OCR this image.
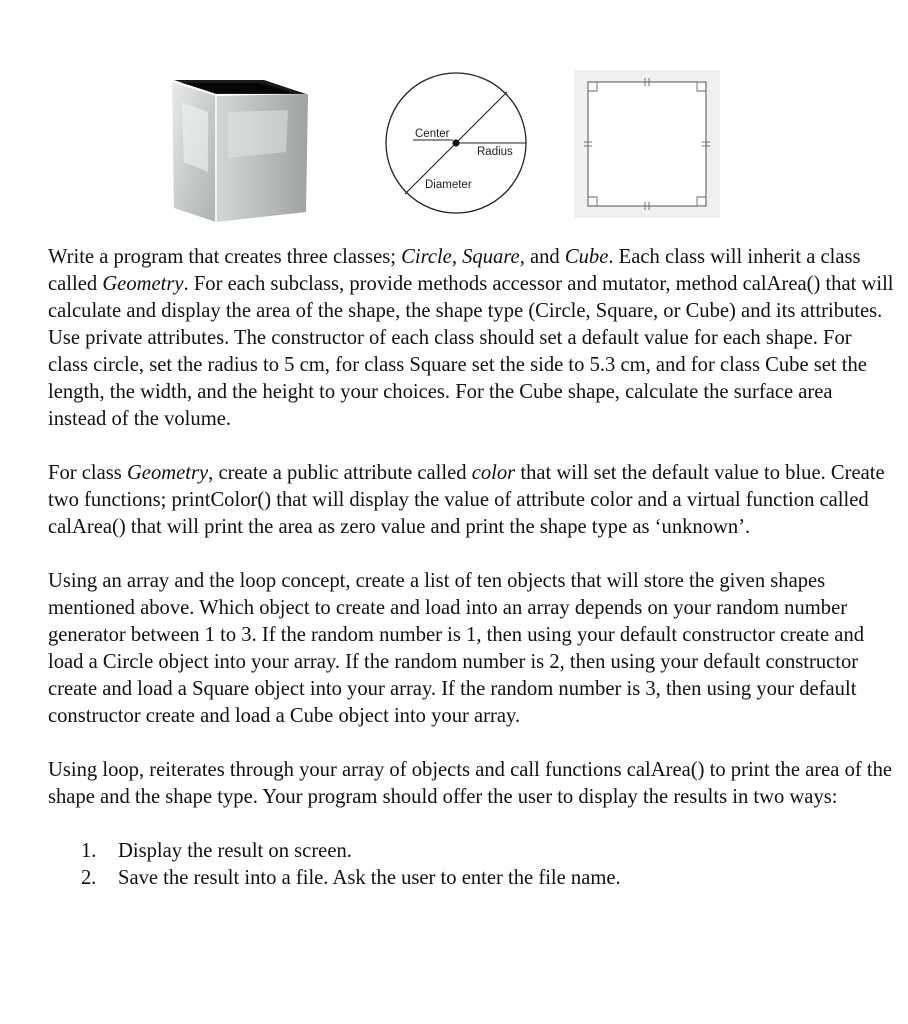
Center
Radius
Diameter

Write a program that creates three classes; Circle, Square, and Cube. Each class will inherit a class called Geometry. For each subclass, provide methods accessor and mutator, method calArea() that will calculate and display the area of the shape, the shape type (Circle, Square, or Cube) and its attributes. Use private attributes. The constructor of each class should set a default value for each shape. For class circle, set the radius to 5 cm, for class Square set the side to 5.3 cm, and for class Cube set the length, the width, and the height to your choices. For the Cube shape, calculate the surface area instead of the volume.

For class Geometry, create a public attribute called color that will set the default value to blue. Create two functions; printColor() that will display the value of attribute color and a virtual function called calArea() that will print the area as zero value and print the shape type as ‘unknown’.

Using an array and the loop concept, create a list of ten objects that will store the given shapes mentioned above. Which object to create and load into an array depends on your random number generator between 1 to 3. If the random number is 1, then using your default constructor create and load a Circle object into your array. If the random number is 2, then using your default constructor create and load a Square object into your array. If the random number is 3, then using your default constructor create and load a Cube object into your array.

Using loop, reiterates through your array of objects and call functions calArea() to print the area of the shape and the shape type. Your program should offer the user to display the results in two ways:

1.	Display the result on screen.
2.	Save the result into a file. Ask the user to enter the file name.
